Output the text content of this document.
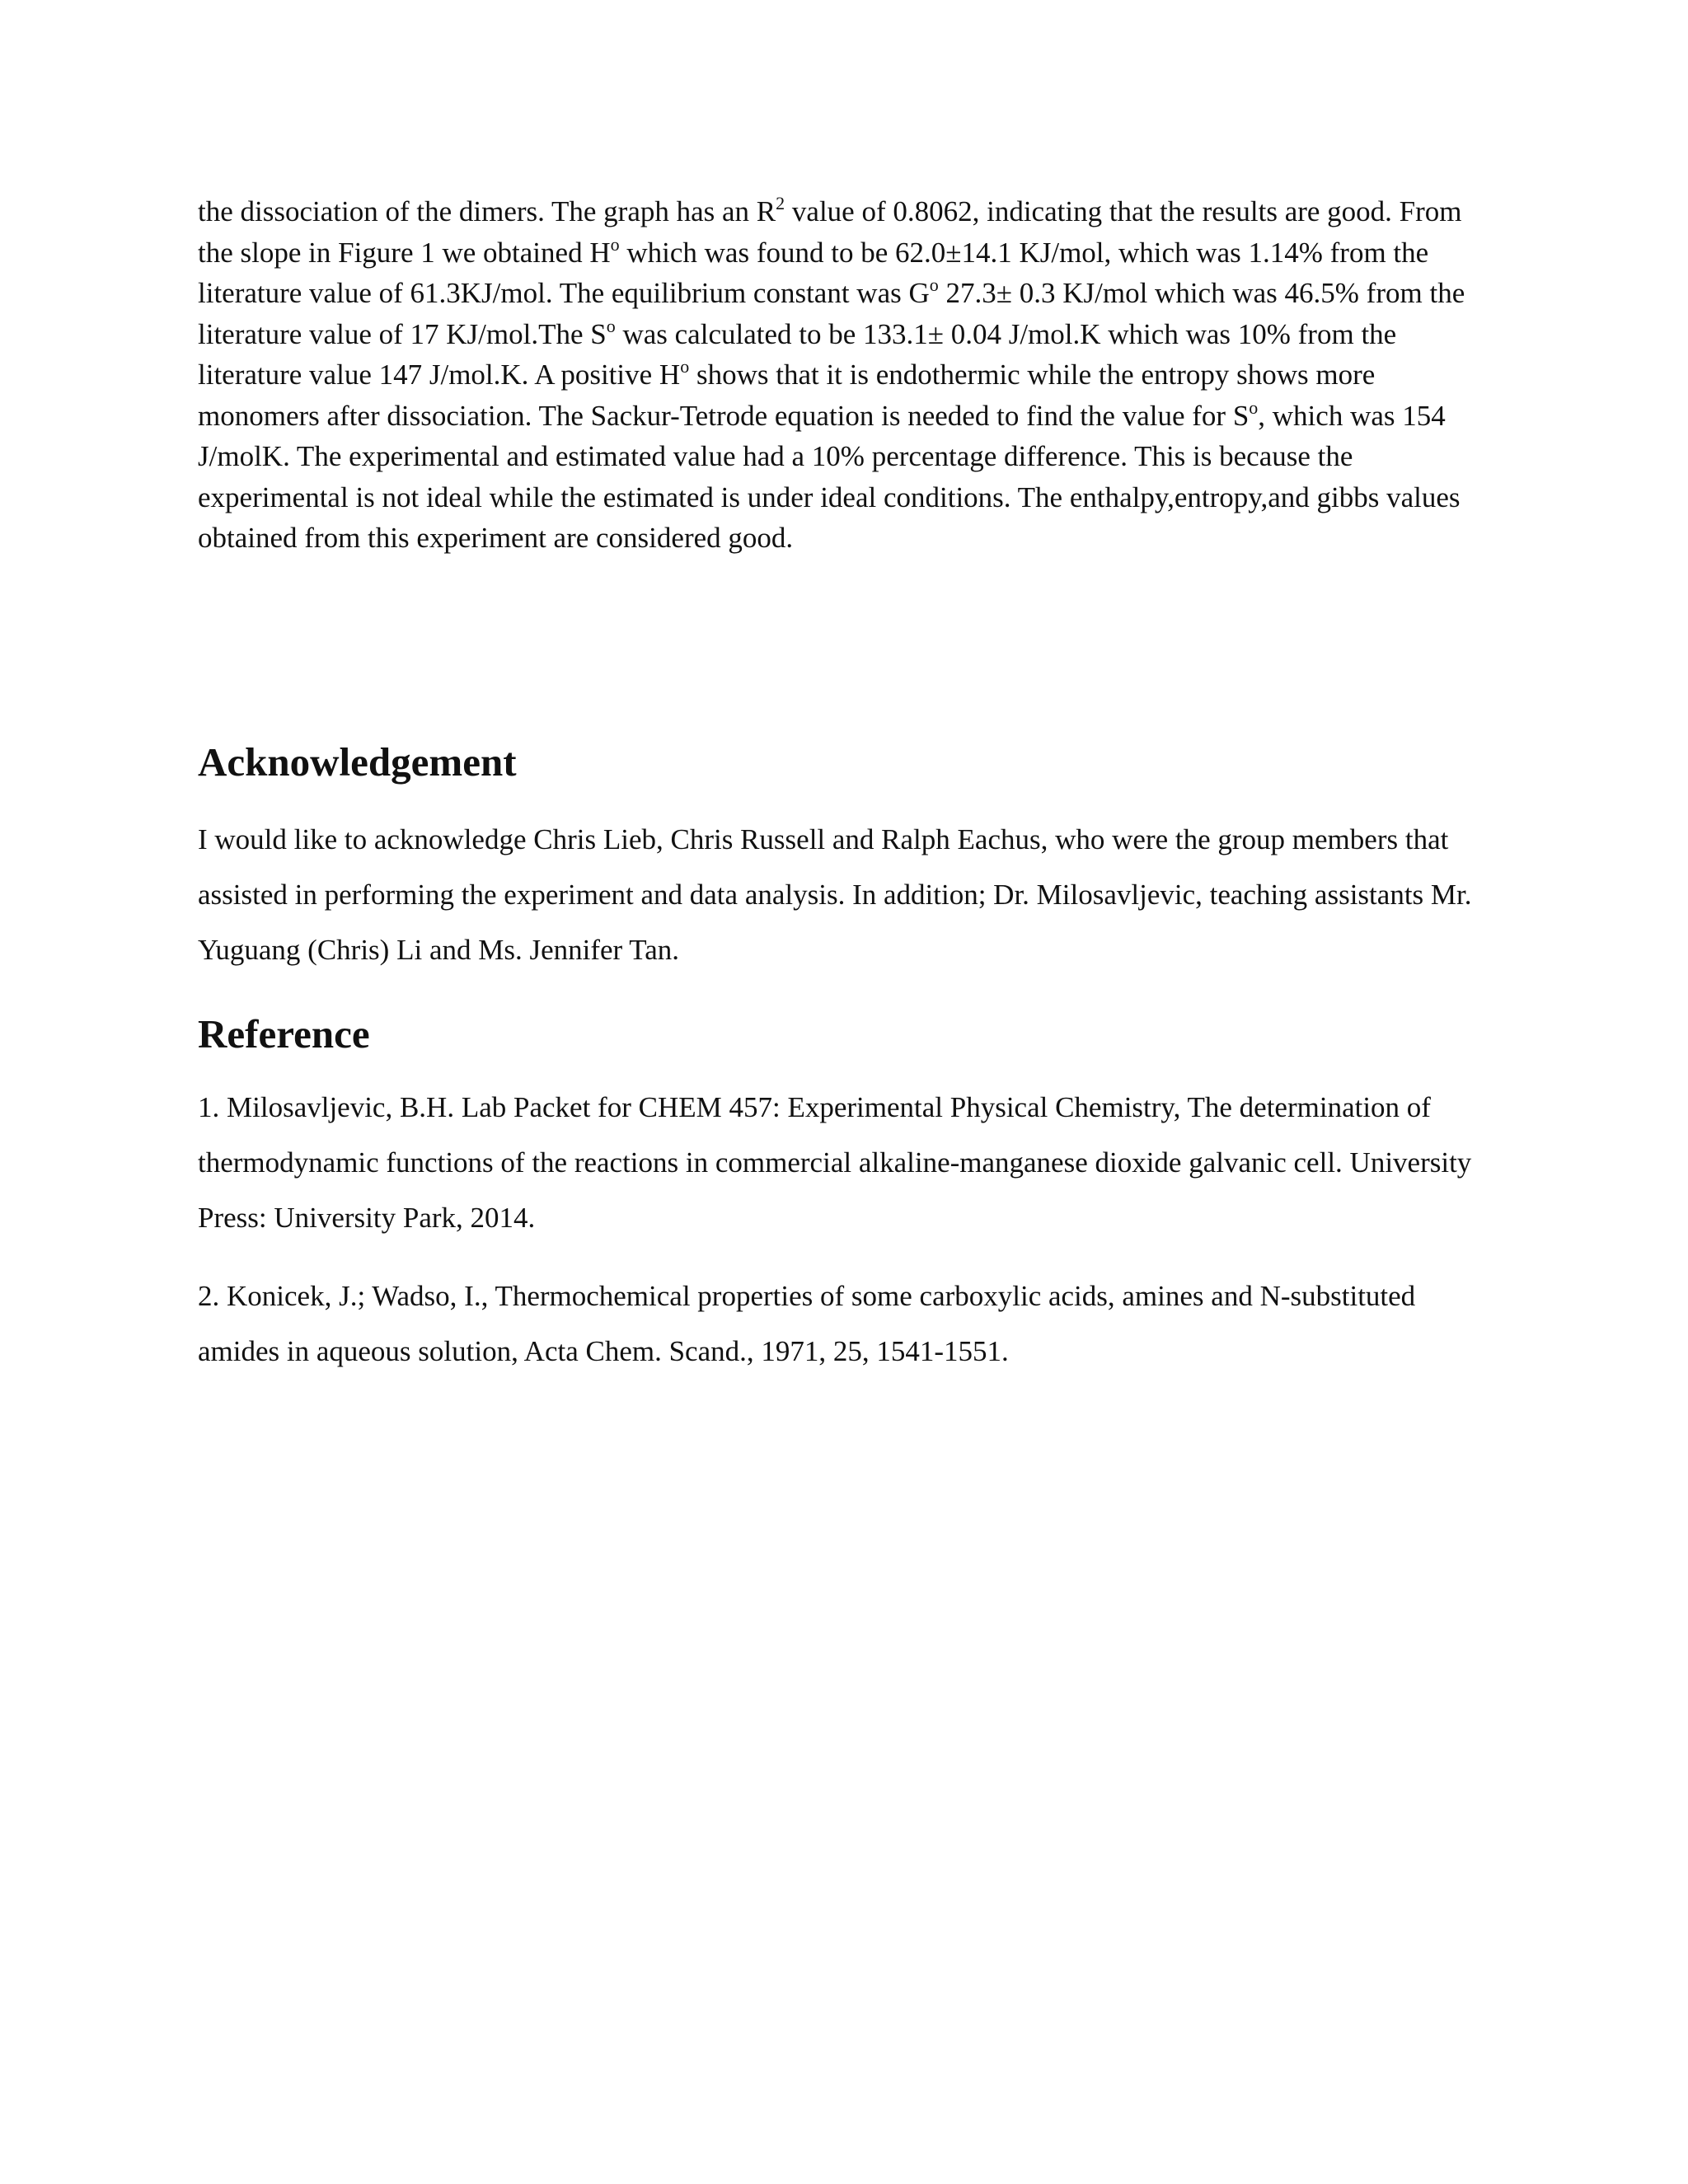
the dissociation of the dimers. The graph has an $R^2$ value of 0.8062, indicating that the results are good. From the slope in Figure 1 we obtained $H^o$ which was found to be 62.0±14.1 KJ/mol, which was 1.14% from the literature value of 61.3KJ/mol. The equilibrium constant was $G^o$ 27.3± 0.3 KJ/mol which was 46.5% from the literature value of 17 KJ/mol.The $S^o$ was calculated to be 133.1± 0.04 J/mol.K which was 10% from the literature value 147 J/mol.K. A positive $H^o$ shows that it is endothermic while the entropy shows more monomers after dissociation. The Sackur-Tetrode equation is needed to find the value for $S^o$, which was 154 J/molK. The experimental and estimated value had a 10% percentage difference. This is because the experimental is not ideal while the estimated is under ideal conditions. The enthalpy,entropy,and gibbs values obtained from this experiment are considered good.

Acknowledgement

I would like to acknowledge Chris Lieb, Chris Russell and Ralph Eachus, who were the group members that assisted in performing the experiment and data analysis. In addition; Dr. Milosavljevic, teaching assistants Mr. Yuguang (Chris) Li and Ms. Jennifer Tan.

Reference
1. Milosavljevic, B.H. Lab Packet for CHEM 457: Experimental Physical Chemistry, The determination of thermodynamic functions of the reactions in commercial alkaline-manganese dioxide galvanic cell. University Press: University Park, 2014.
2. Konicek, J.; Wadso, I., Thermochemical properties of some carboxylic acids, amines and N-substituted amides in aqueous solution, Acta Chem. Scand., 1971, 25, 1541-1551.
